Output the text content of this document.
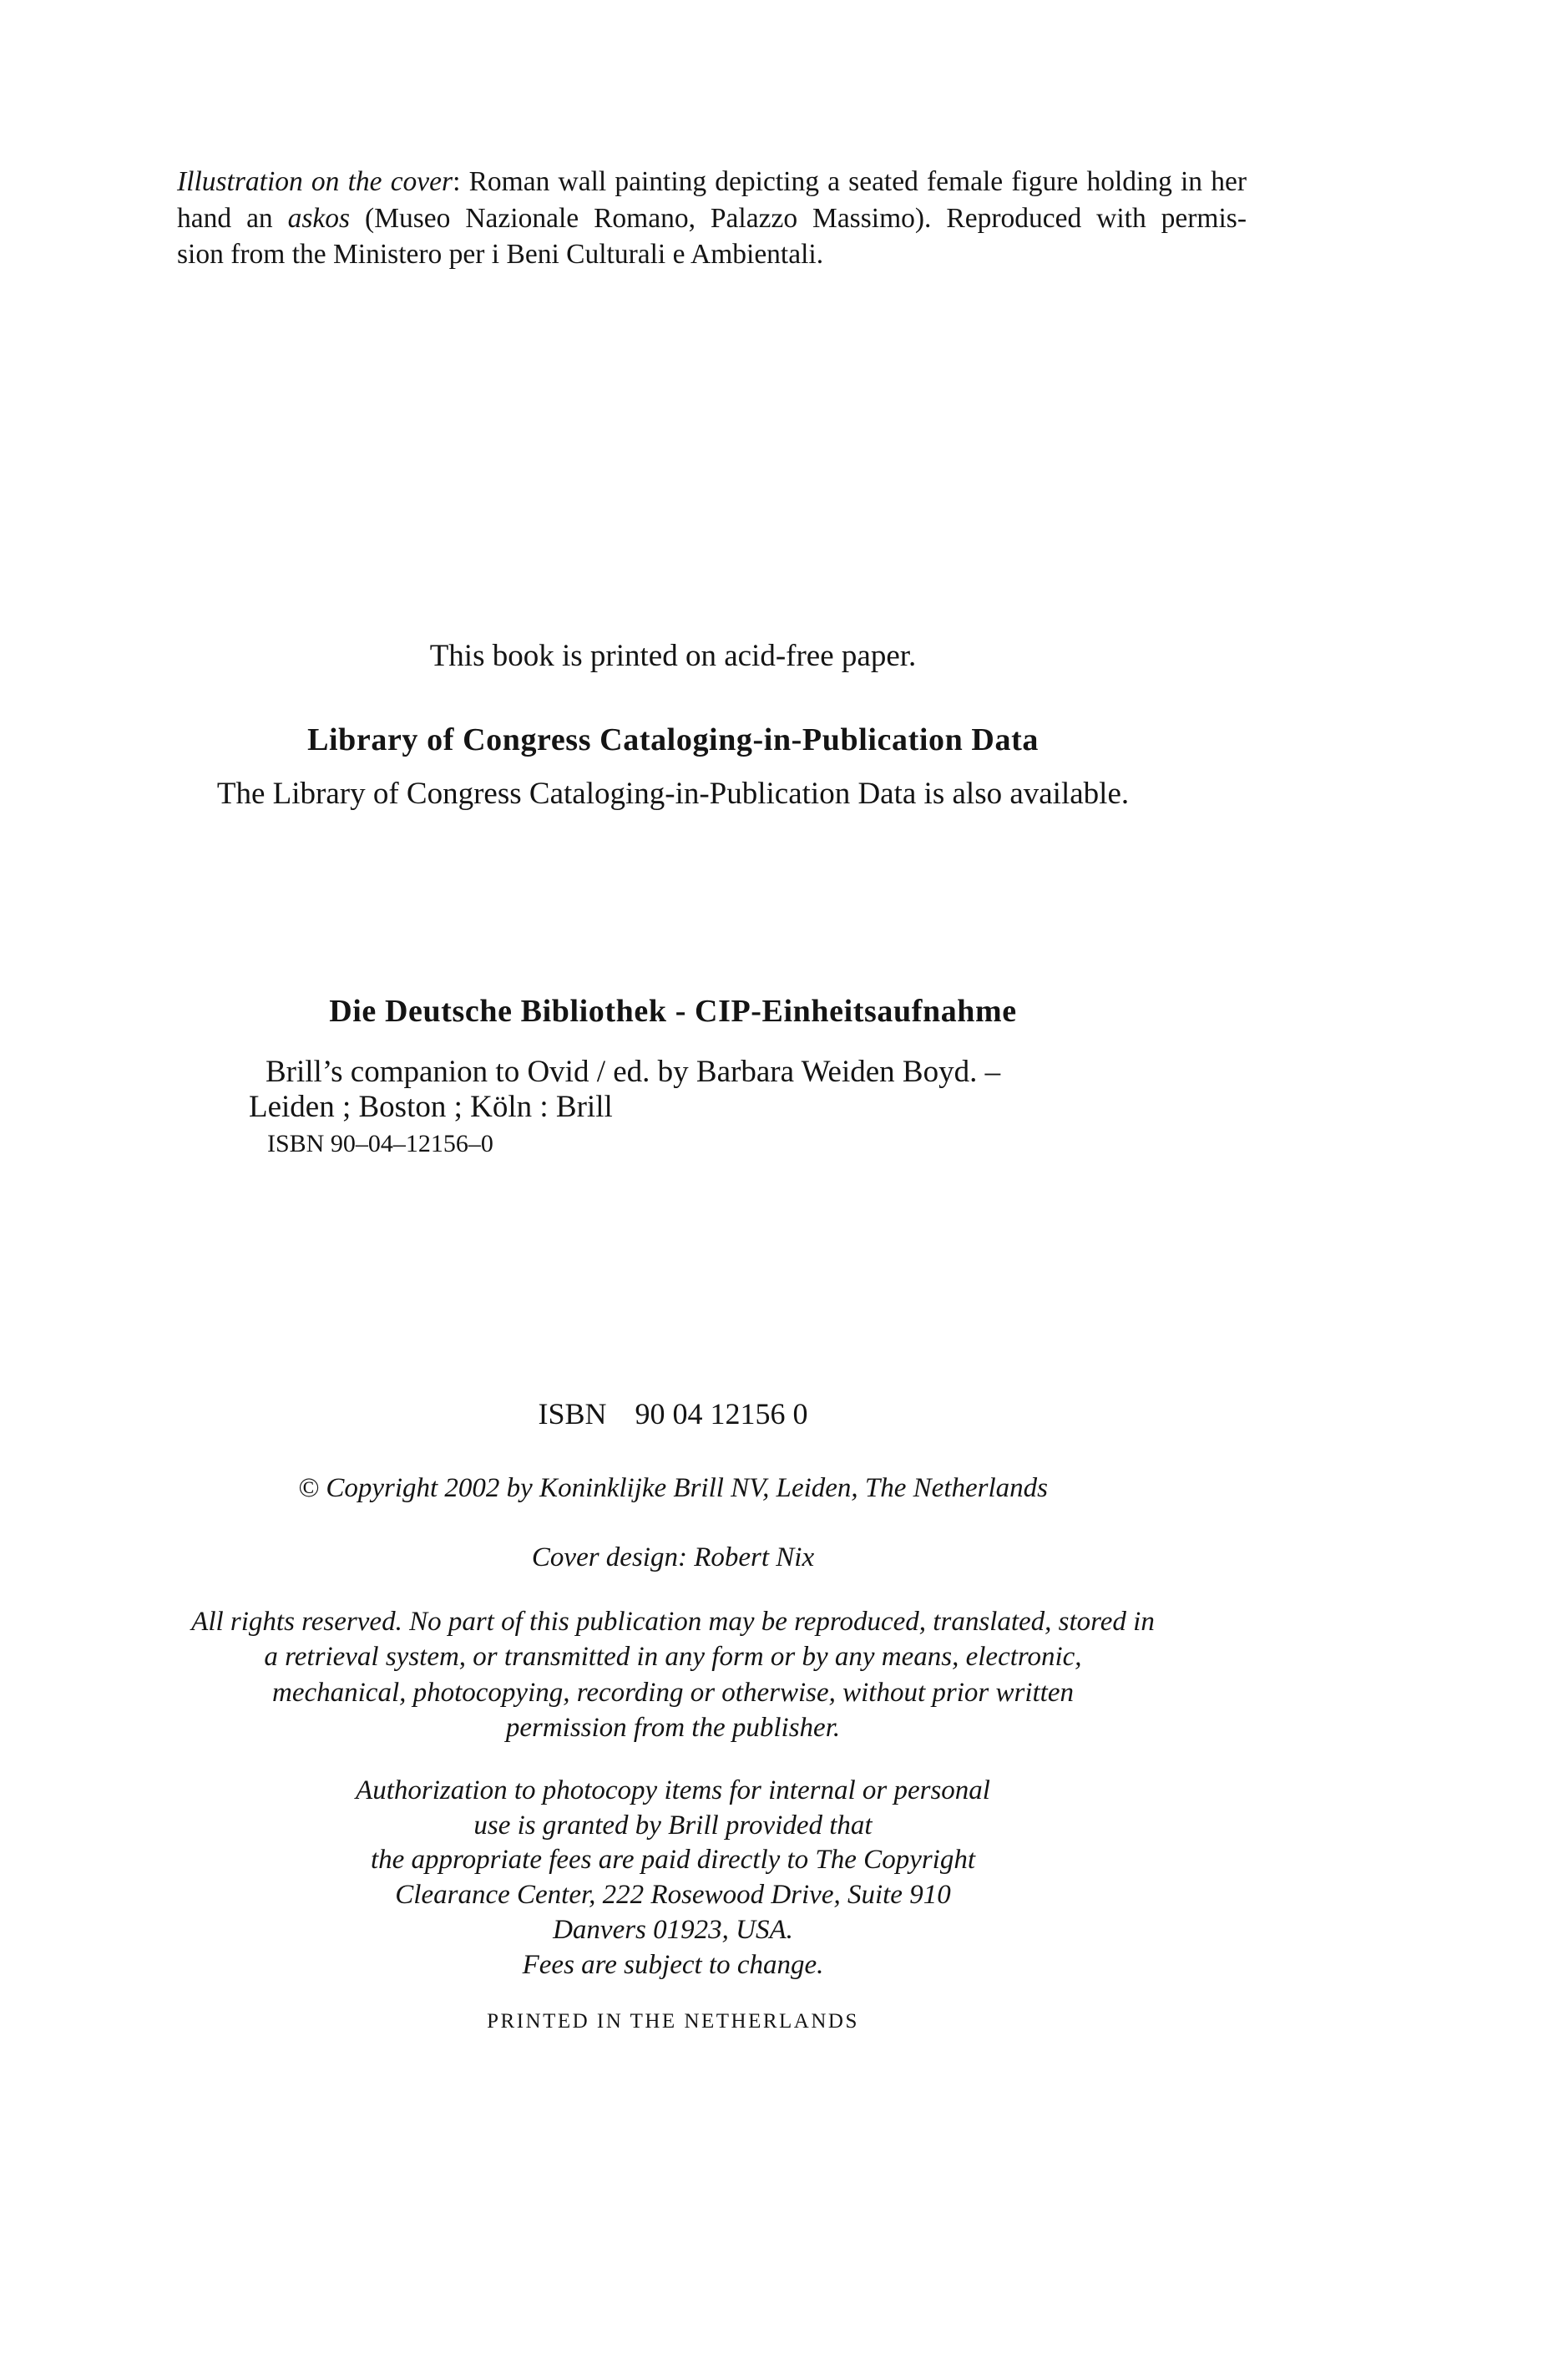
Illustration on the cover: Roman wall painting depicting a seated female figure holding in her
hand an askos (Museo Nazionale Romano, Palazzo Massimo). Reproduced with permis-
sion from the Ministero per i Beni Culturali e Ambientali.
This book is printed on acid-free paper.
Library of Congress Cataloging-in-Publication Data
The Library of Congress Cataloging-in-Publication Data is also available.
Die Deutsche Bibliothek - CIP-Einheitsaufnahme
Brill’s companion to Ovid / ed. by Barbara Weiden Boyd. –
Leiden ; Boston ; Köln : Brill
ISBN 90–04–12156–0
ISBN 90 04 12156 0
© Copyright 2002 by Koninklijke Brill NV, Leiden, The Netherlands
Cover design: Robert Nix
All rights reserved. No part of this publication may be reproduced, translated, stored in
a retrieval system, or transmitted in any form or by any means, electronic,
mechanical, photocopying, recording or otherwise, without prior written
permission from the publisher.
Authorization to photocopy items for internal or personal
use is granted by Brill provided that
the appropriate fees are paid directly to The Copyright
Clearance Center, 222 Rosewood Drive, Suite 910
Danvers 01923, USA.
Fees are subject to change.
PRINTED IN THE NETHERLANDS
